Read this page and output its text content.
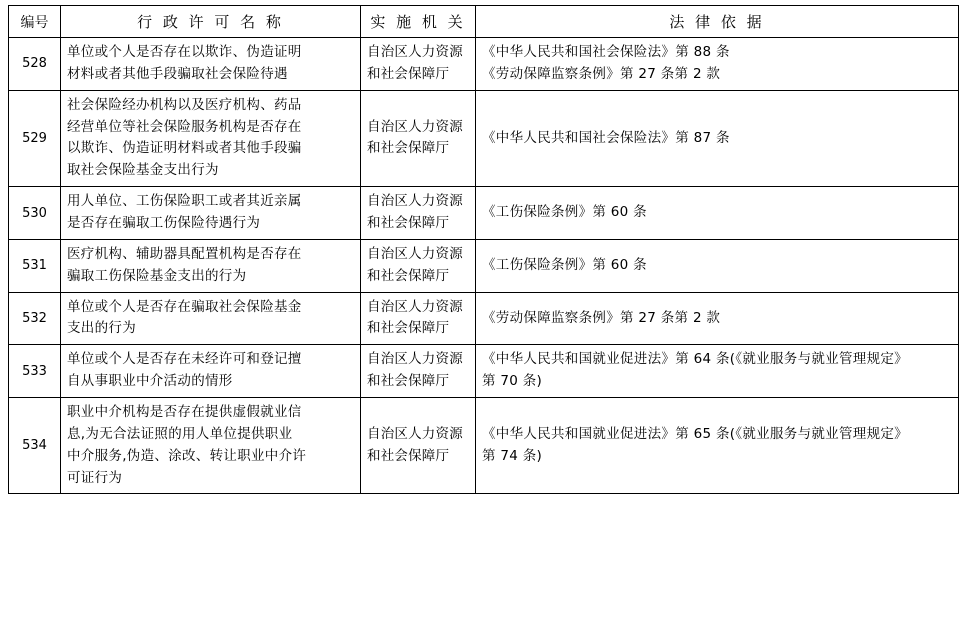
编号	行 政 许 可 名 称	实 施 机 关	法 律 依 据
528	单位或个人是否存在以欺诈、伪造证明
材料或者其他手段骗取社会保险待遇	自治区人力资源
和社会保障厅	《中华人民共和国社会保险法》第 88 条
《劳动保障监察条例》第 27 条第 2 款

529	社会保险经办机构以及医疗机构、药品
经营单位等社会保险服务机构是否存在
以欺诈、伪造证明材料或者其他手段骗
取社会保险基金支出行为	自治区人力资源
和社会保障厅	《中华人民共和国社会保险法》第 87 条

530	用人单位、工伤保险职工或者其近亲属
是否存在骗取工伤保险待遇行为	自治区人力资源
和社会保障厅	《工伤保险条例》第 60 条

531	医疗机构、辅助器具配置机构是否存在
骗取工伤保险基金支出的行为	自治区人力资源
和社会保障厅	《工伤保险条例》第 60 条

532	单位或个人是否存在骗取社会保险基金
支出的行为	自治区人力资源
和社会保障厅	《劳动保障监察条例》第 27 条第 2 款

533	单位或个人是否存在未经许可和登记擅
自从事职业中介活动的情形	自治区人力资源
和社会保障厅	《中华人民共和国就业促进法》第 64 条(《就业服务与就业管理规定》
第 70 条)

534	职业中介机构是否存在提供虚假就业信
息,为无合法证照的用人单位提供职业
中介服务,伪造、涂改、转让职业中介许
可证行为	自治区人力资源
和社会保障厅	《中华人民共和国就业促进法》第 65 条(《就业服务与就业管理规定》
第 74 条)
